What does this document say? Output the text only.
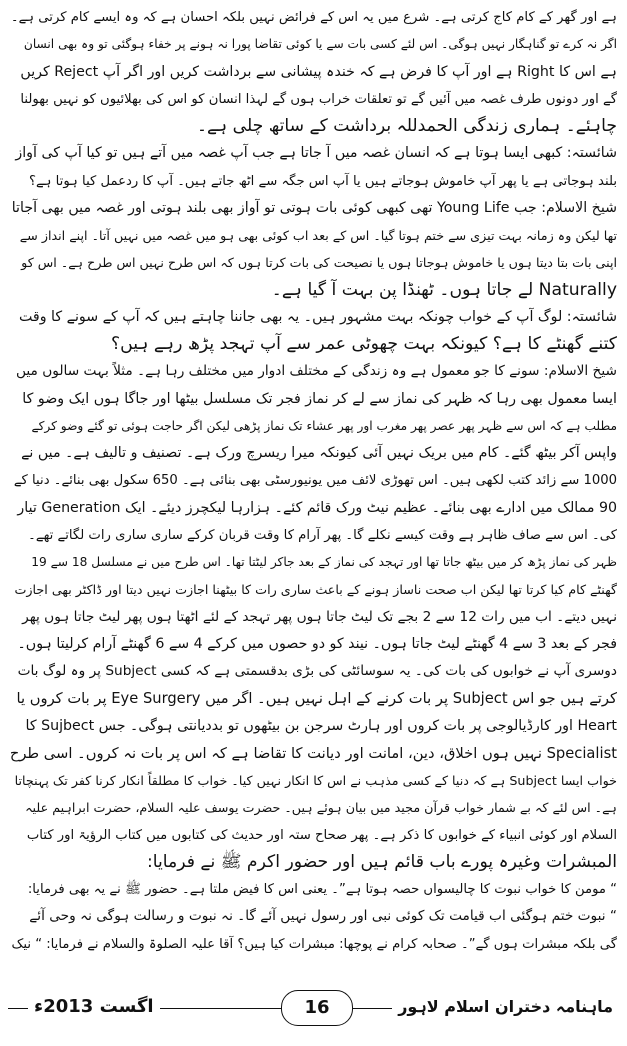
ہے اور گھر کے کام کاج کرتی ہے۔ شرع میں یہ اس کے فرائض نہیں بلکہ احسان ہے کہ وہ ایسے کام کرتی ہے۔
اگر نہ کرے تو گناہگار نہیں ہوگی۔ اس لئے کسی بات سے یا کوئی تقاضا پورا نہ ہونے پر خفاء ہوگئی تو وہ بھی انسان
ہے اس کا Right ہے اور آپ کا فرض ہے کہ خندہ پیشانی سے برداشت کریں اور اگر آپ Reject کریں
گے اور دونوں طرف غصہ میں آئیں گے تو تعلقات خراب ہوں گے لہذا انسان کو اس کی بھلائیوں کو نہیں بھولنا
چاہئے۔ ہماری زندگی الحمدللہ برداشت کے ساتھ چلی ہے۔
شائستہ: کبھی ایسا ہوتا ہے کہ انسان غصہ میں آ جاتا ہے جب آپ غصہ میں آتے ہیں تو کیا آپ کی آواز
بلند ہوجاتی ہے یا پھر آپ خاموش ہوجاتے ہیں یا آپ اس جگہ سے اٹھ جاتے ہیں۔ آپ کا ردعمل کیا ہوتا ہے؟
شیخ الاسلام: جب Young Life تھی کبھی کوئی بات ہوتی تو آواز بھی بلند ہوتی اور غصہ میں بھی آجاتا
تھا لیکن وہ زمانہ بہت تیزی سے ختم ہوتا گیا۔ اس کے بعد اب کوئی بھی ہو میں غصہ میں نہیں آتا۔ اپنے انداز سے
اپنی بات بتا دیتا ہوں یا خاموش ہوجاتا ہوں یا نصیحت کی بات کرتا ہوں کہ اس طرح نہیں اس طرح ہے۔ اس کو
Naturally لے جاتا ہوں۔ ٹھنڈا پن بہت آ گیا ہے۔
شائستہ: لوگ آپ کے خواب چونکہ بہت مشہور ہیں۔ یہ بھی جاننا چاہتے ہیں کہ آپ کے سونے کا وقت
کتنے گھنٹے کا ہے؟ کیونکہ بہت چھوٹی عمر سے آپ تہجد پڑھ رہے ہیں؟
شیخ الاسلام: سونے کا جو معمول ہے وہ زندگی کے مختلف ادوار میں مختلف رہا ہے۔ مثلاً بہت سالوں میں
ایسا معمول بھی رہا کہ ظہر کی نماز سے لے کر نماز فجر تک مسلسل بیٹھا اور جاگا ہوں ایک وضو کا
مطلب ہے کہ اس سے ظہر پھر عصر پھر مغرب اور پھر عشاء تک نماز پڑھی لیکن اگر حاجت ہوئی تو گئے وضو کرکے
واپس آکر بیٹھ گئے۔ کام میں بریک نہیں آئی کیونکہ میرا ریسرچ ورک ہے۔ تصنیف و تالیف ہے۔ میں نے
1000 سے زائد کتب لکھی ہیں۔ اس تھوڑی لائف میں یونیورسٹی بھی بنائی ہے۔ 650 سکول بھی بنائے۔ دنیا کے
90 ممالک میں ادارے بھی بنائے۔ عظیم نیٹ ورک قائم کئے۔ ہزارہا لیکچرز دیئے۔ ایک Generation تیار
کی۔ اس سے صاف ظاہر ہے وقت کیسے نکلے گا۔ پھر آرام کا وقت قربان کرکے ساری ساری رات لگاتے تھے۔
ظہر کی نماز پڑھ کر میں بیٹھ جاتا تھا اور تہجد کی نماز کے بعد جاکر لیٹتا تھا۔ اس طرح میں نے مسلسل 18 سے 19
گھنٹے کام کیا کرتا تھا لیکن اب صحت ناساز ہونے کے باعث ساری رات کا بیٹھنا اجازت نہیں دیتا اور ڈاکٹر بھی اجازت
نہیں دیتے۔ اب میں رات 12 سے 2 بجے تک لیٹ جاتا ہوں پھر تہجد کے لئے اٹھتا ہوں پھر لیٹ جاتا ہوں پھر
فجر کے بعد 3 سے 4 گھنٹے لیٹ جاتا ہوں۔ نیند کو دو حصوں میں کرکے 4 سے 6 گھنٹے آرام کرلیتا ہوں۔
دوسری آپ نے خوابوں کی بات کی۔ یہ سوسائٹی کی بڑی بدقسمتی ہے کہ کسی Subject پر وہ لوگ بات
کرتے ہیں جو اس Subject پر بات کرنے کے اہل نہیں ہیں۔ اگر میں Eye Surgery پر بات کروں یا
Heart اور کارڈیالوجی پر بات کروں اور ہارٹ سرجن بن بیٹھوں تو بددیانتی ہوگی۔ جس Sujbect کا
Specialist نہیں ہوں اخلاق، دین، امانت اور دیانت کا تقاضا ہے کہ اس پر بات نہ کروں۔ اسی طرح
خواب ایسا Subject ہے کہ دنیا کے کسی مذہب نے اس کا انکار نہیں کیا۔ خواب کا مطلقاً انکار کرنا کفر تک پہنچاتا
ہے۔ اس لئے کہ بے شمار خواب قرآن مجید میں بیان ہوئے ہیں۔ حضرت یوسف علیہ السلام، حضرت ابراہیم علیہ
السلام اور کوئی انبیاء کے خوابوں کا ذکر ہے۔ پھر صحاح ستہ اور حدیث کی کتابوں میں کتاب الرؤیۃ اور کتاب
المبشرات وغیرہ پورے باب قائم ہیں اور حضور اکرم ﷺ نے فرمایا:
“ مومن کا خواب نبوت کا چالیسواں حصہ ہوتا ہے”۔ یعنی اس کا فیض ملتا ہے۔ حضور ﷺ نے یہ بھی فرمایا:
“ نبوت ختم ہوگئی اب قیامت تک کوئی نبی اور رسول نہیں آئے گا۔ نہ نبوت و رسالت ہوگی نہ وحی آئے
گی بلکہ مبشرات ہوں گے”۔ صحابہ کرام نے پوچھا: مبشرات کیا ہیں؟ آقا علیہ الصلوۃ والسلام نے فرمایا: “ نیک
اگست 2013ء	16	ماہنامہ دختران اسلام لاہور
